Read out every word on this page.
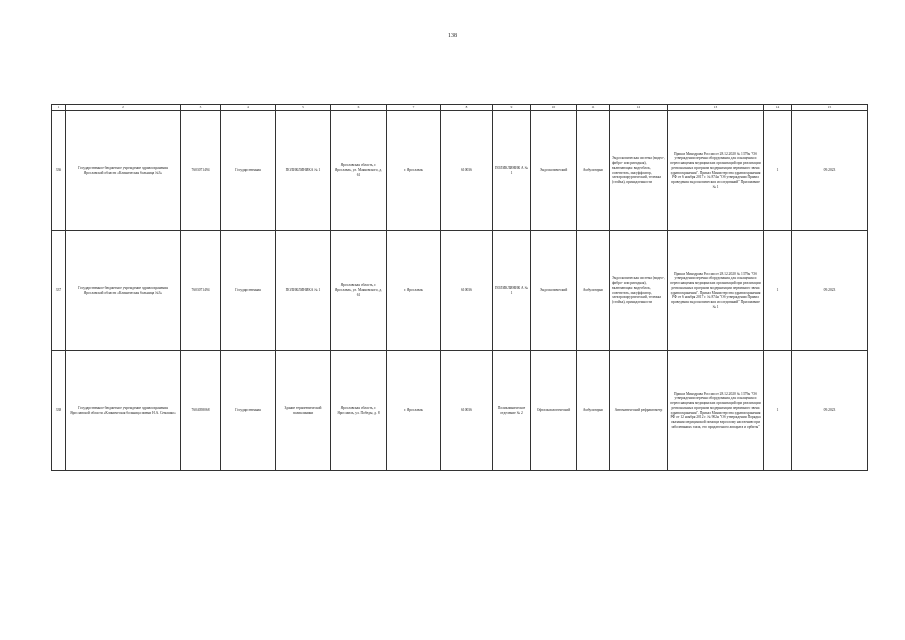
138
1	2	3	4	5	6	7	8	9	10	11	12	13	14	15
336	Государственное бюджетное учреждение здравоохранения Ярославской области «Клиническая больница №3»	7603071494	Государственная	ПОЛИКЛИНИКА № 1	Ярославская область, г. Ярославль, ул. Маяковского, д. 61	г. Ярославль	610036	ПОЛИКЛИНИК А № 1	Эндоскопический	Амбулаторно	Эндоскопическая система (видео-, фибро- или ригидная), включающая: видеоблок, осветитель, инсуффлятор, электрохирургический, тележка (стойка), принадлежности	Приказ Минздрава России от 28.12.2020 № 1379н "Об утверждении перечня оборудования для оснащения и переоснащения медицинских организаций при реализации региональных программ модернизации первичного звена здравоохранения". Приказ Министерства здравоохранения РФ от 6 ноября 2017 г. № 874н "Об утверждении Правил проведения эндоскопических исследований" Приложение № 1	1	09.2023
337	Государственное бюджетное учреждение здравоохранения Ярославской области «Клиническая больница №3»	7603071494	Государственная	ПОЛИКЛИНИКА № 1	Ярославская область, г. Ярославль, ул. Маяковского, д. 61	г. Ярославль	610036	ПОЛИКЛИНИК А № 1	Эндоскопический	Амбулаторно	Эндоскопическая система (видео-, фибро- или ригидная), включающая: видеоблок, осветитель, инсуффлятор, электрохирургический, тележка (стойка), принадлежности	Приказ Минздрава России от 28.12.2020 № 1379н "Об утверждении перечня оборудования для оснащения и переоснащения медицинских организаций при реализации региональных программ модернизации первичного звена здравоохранения". Приказ Министерства здравоохранения РФ от 6 ноября 2017 г. № 874н "Об утверждении Правил проведения эндоскопических исследований" Приложение № 1	1	09.2023
338	Государственное бюджетное учреждение здравоохранения Ярославской области «Клиническая больница имени Н.А. Семашко»	7604058068	Государственная	Здание терапевтической поликлиники	Ярославская область, г. Ярославль, ул. Победы, д. 8	г. Ярославль	610036	Поликлиническое отделение № 2	Офтальмологический	Амбулаторно	Автоматический рефрактометр	Приказ Минздрава России от 28.12.2020 № 1379н "Об утверждении перечня оборудования для оснащения и переоснащения медицинских организаций при реализации региональных программ модернизации первичного звена здравоохранения". Приказ Министерства здравоохранения РФ от 12 ноября 2012 г. № 902н "Об утверждении Порядка оказания медицинской помощи взрослому населению при заболеваниях глаза, его придаточного аппарата и орбиты"	1	09.2023
